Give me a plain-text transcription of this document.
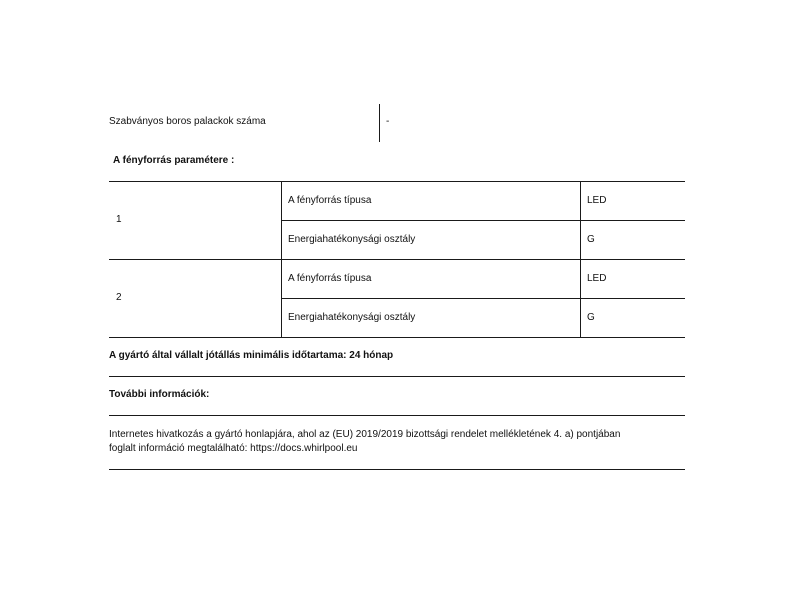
Szabványos boros palackok száma	-
A fényforrás paramétere :
1
A fényforrás típusa	LED
Energiahatékonysági osztály	G
2
A fényforrás típusa	LED
Energiahatékonysági osztály	G
A gyártó által vállalt jótállás minimális időtartama: 24 hónap
További információk:
Internetes hivatkozás a gyártó honlapjára, ahol az (EU) 2019/2019 bizottsági rendelet mellékletének 4. a) pontjában
foglalt információ megtalálható: https://docs.whirlpool.eu
